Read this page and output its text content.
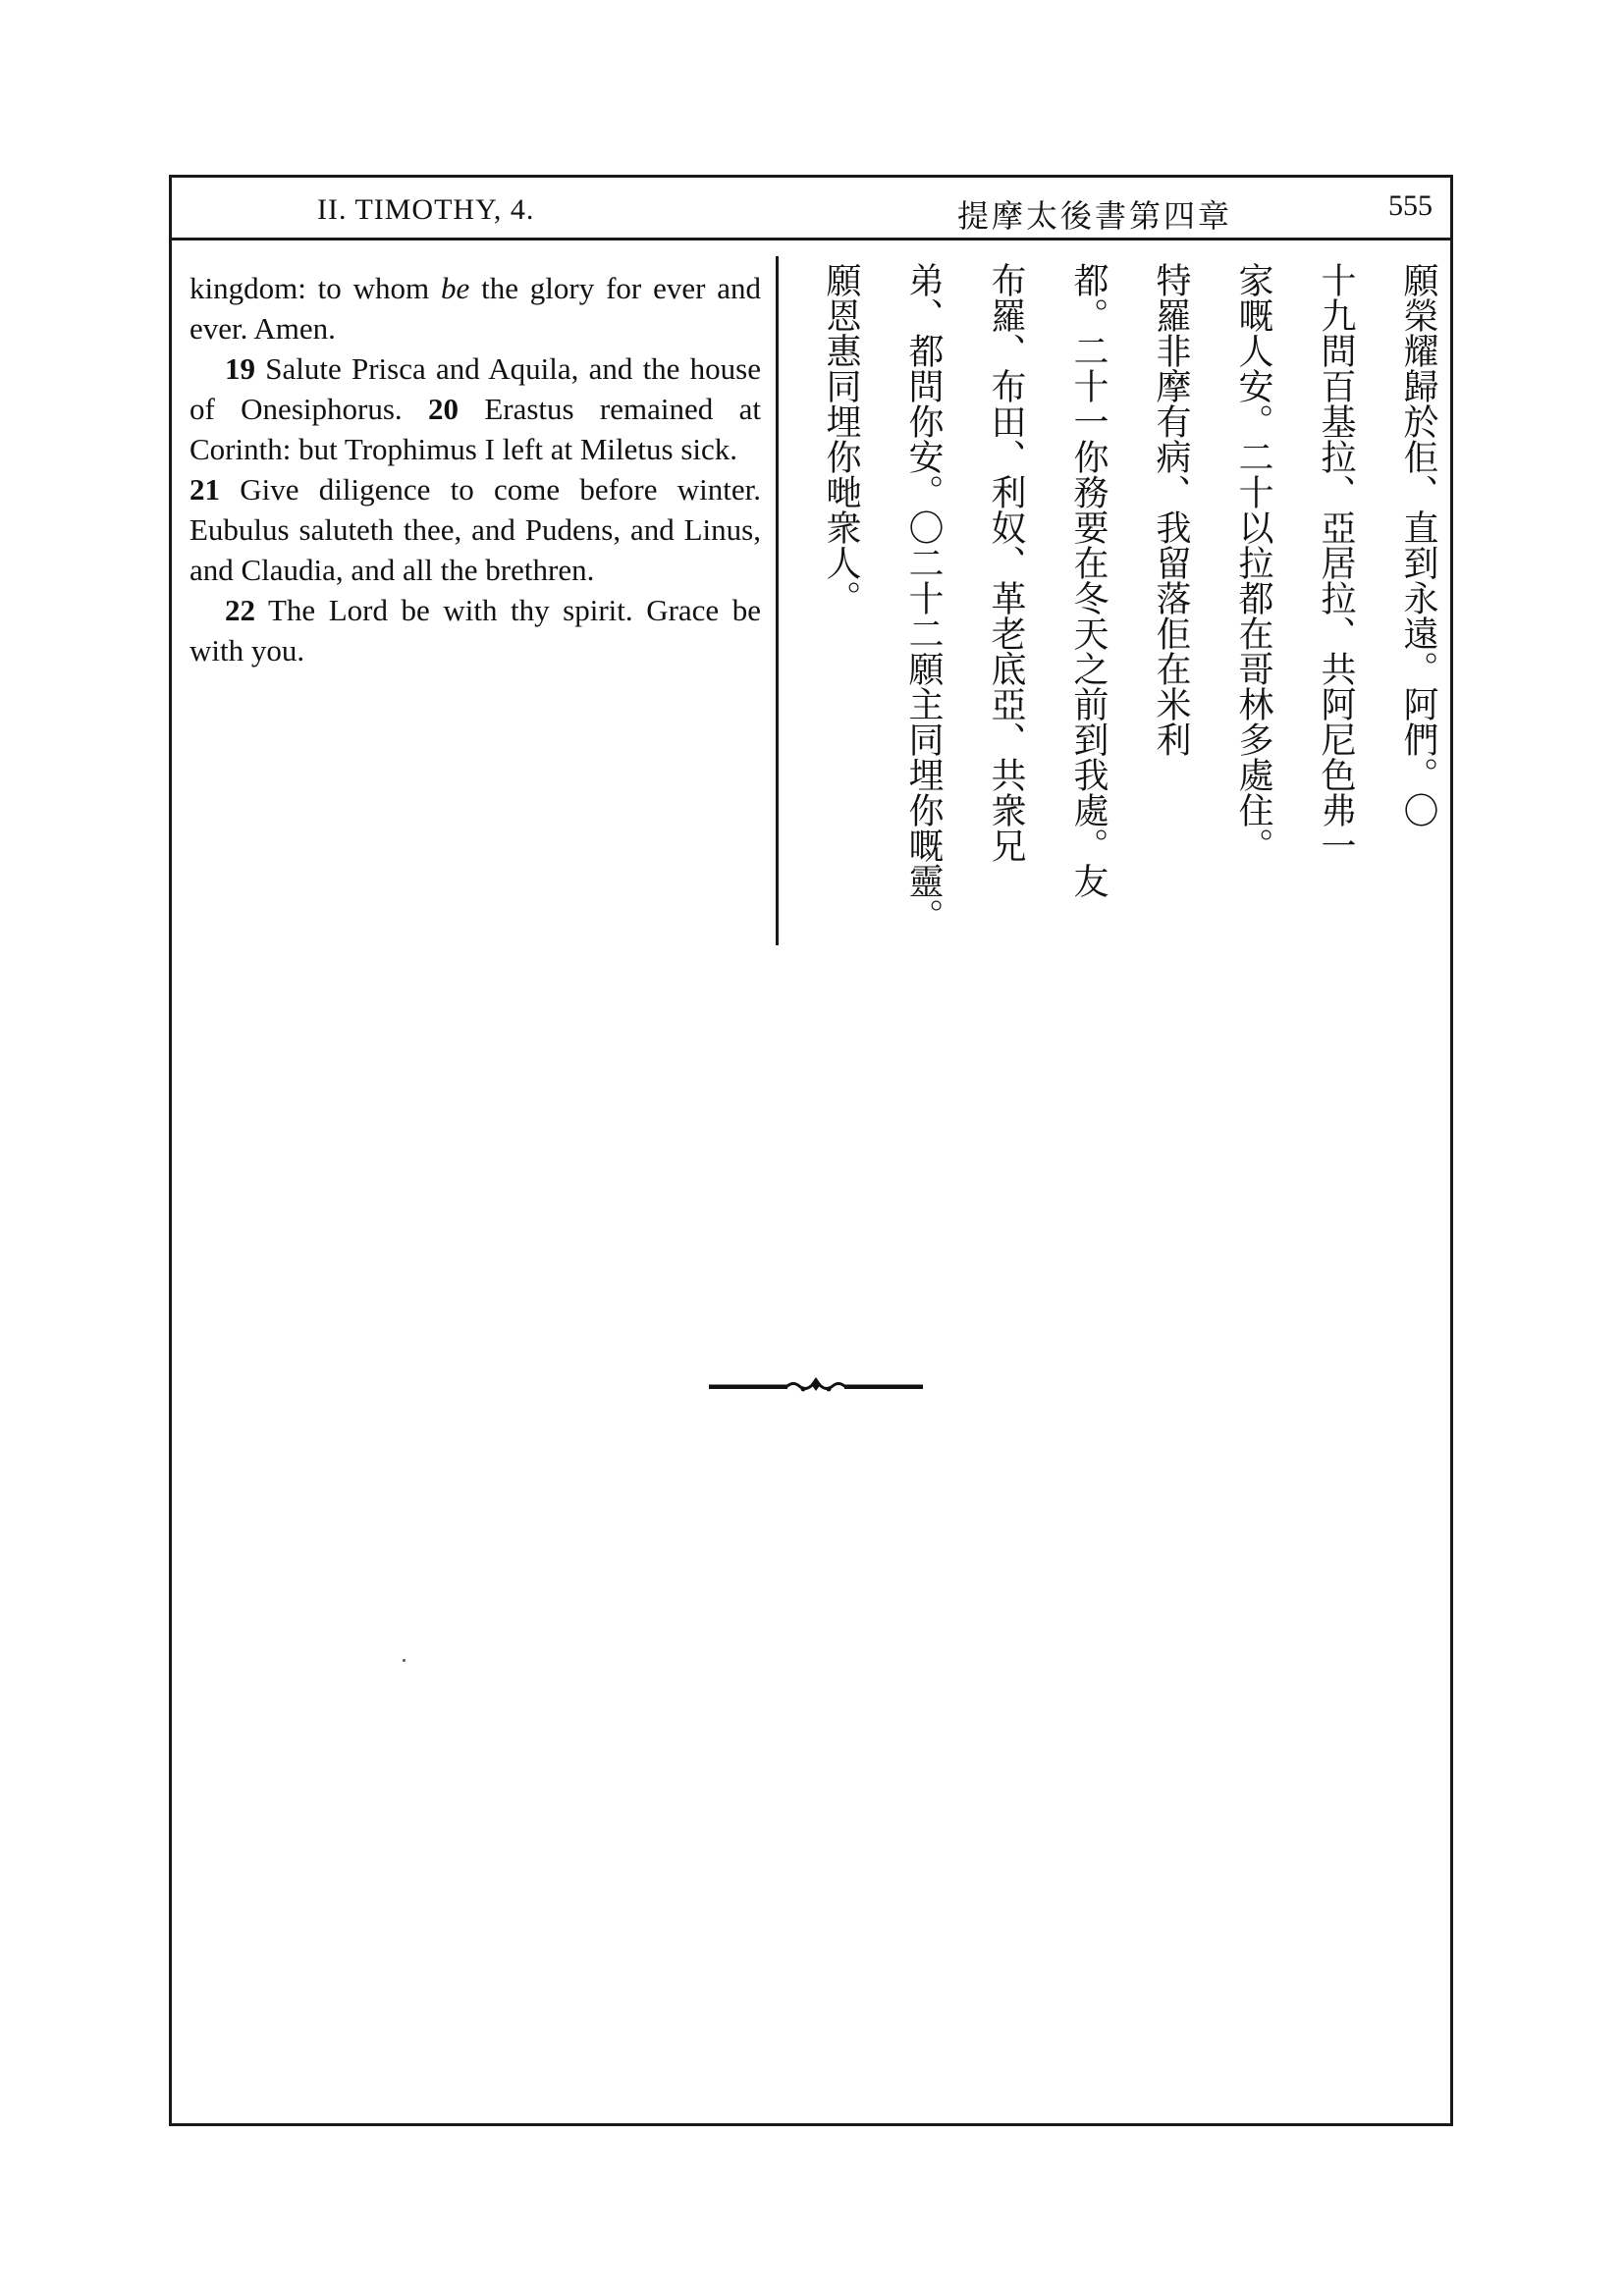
II. TIMOTHY, 4.	提摩太後書第四章	555

kingdom: to whom be the glory for ever and ever. Amen.

19 Salute Prisca and Aquila, and the house of Onesiphorus. 20 Erastus remained at Corinth: but Trophimus I left at Miletus sick.

21 Give diligence to come before winter. Eubulus saluteth thee, and Pudens, and Linus, and Claudia, and all the brethren.

22 The Lord be with thy spirit. Grace be with you.	願榮耀歸於佢、直到永遠。阿們。〇
十九問百基拉、亞居拉、共阿尼色弗一
家嘅人安。二十以拉都在哥林多處住。
特羅非摩有病、我留落佢在米利
都。二十一你務要在冬天之前到我處。友
布羅、布田、利奴、革老底亞、共衆兄
弟、都問你安。〇二十二願主同埋你嘅靈。
願恩惠同埋你哋衆人。
